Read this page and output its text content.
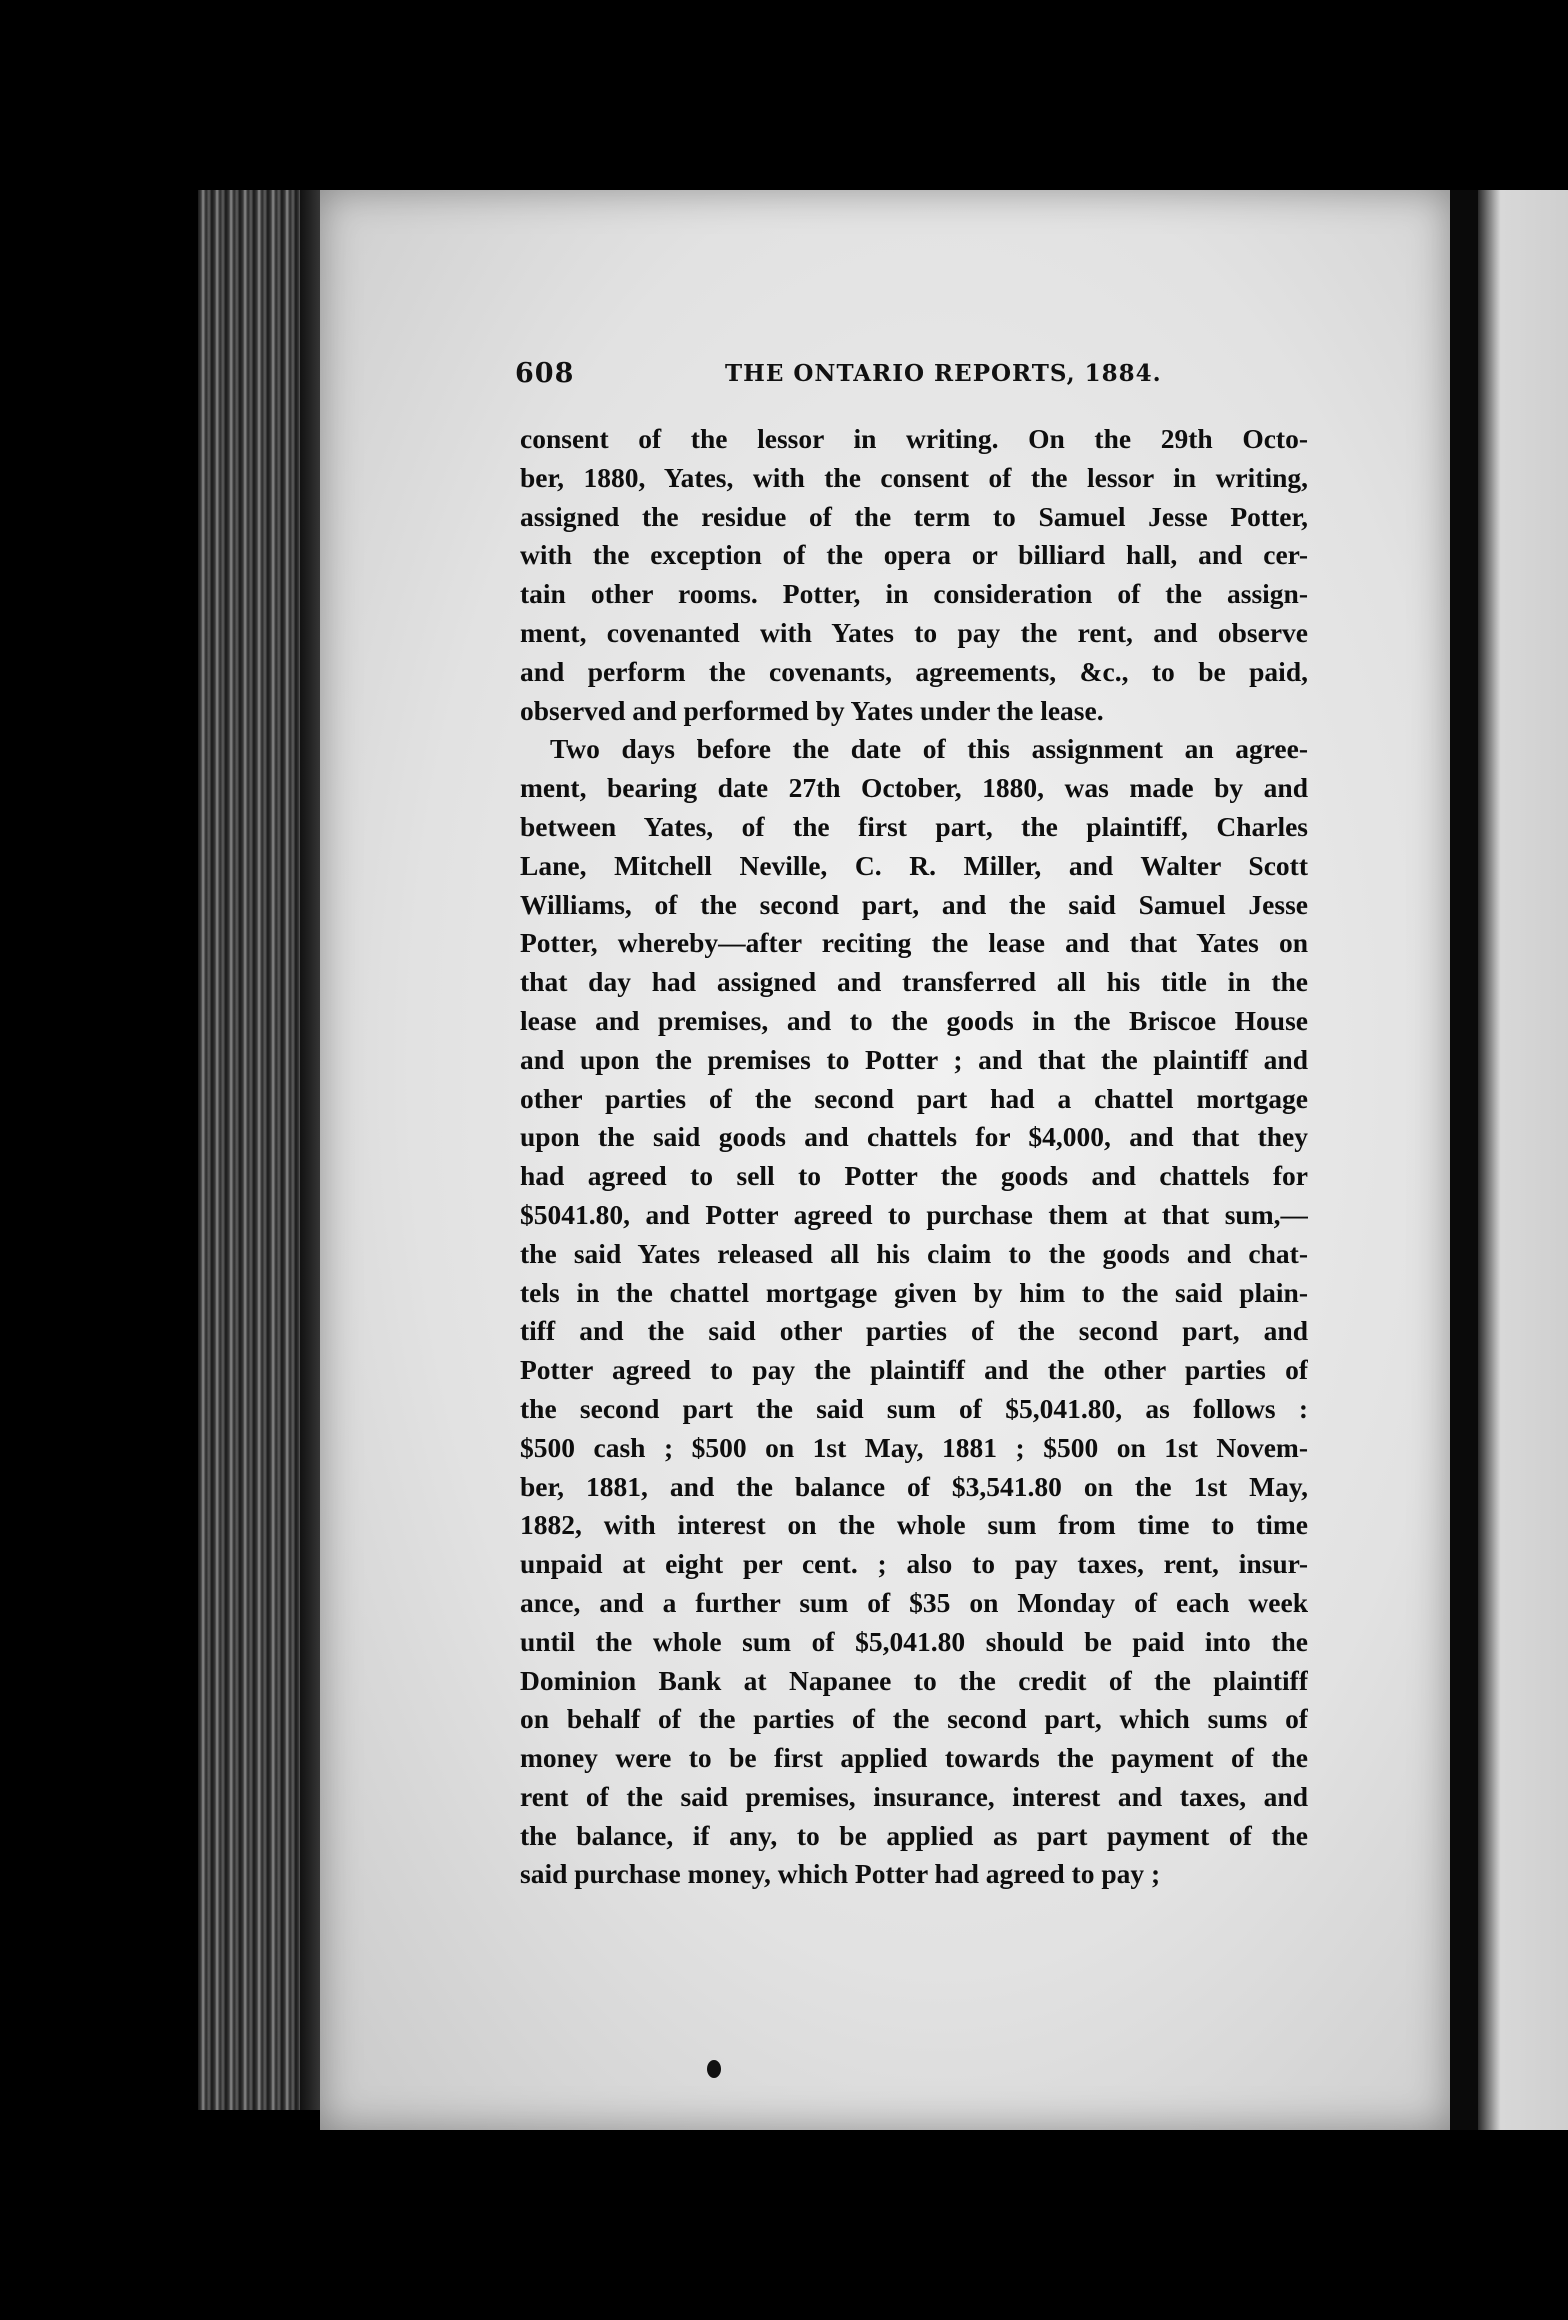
608	THE ONTARIO REPORTS, 1884.
consent of the lessor in writing. On the 29th Octo-
ber, 1880, Yates, with the consent of the lessor in writing,
assigned the residue of the term to Samuel Jesse Potter,
with the exception of the opera or billiard hall, and cer-
tain other rooms. Potter, in consideration of the assign-
ment, covenanted with Yates to pay the rent, and observe
and perform the covenants, agreements, &c., to be paid,
observed and performed by Yates under the lease.
Two days before the date of this assignment an agree-
ment, bearing date 27th October, 1880, was made by and
between Yates, of the first part, the plaintiff, Charles
Lane, Mitchell Neville, C. R. Miller, and Walter Scott
Williams, of the second part, and the said Samuel Jesse
Potter, whereby—after reciting the lease and that Yates on
that day had assigned and transferred all his title in the
lease and premises, and to the goods in the Briscoe House
and upon the premises to Potter ; and that the plaintiff and
other parties of the second part had a chattel mortgage
upon the said goods and chattels for $4,000, and that they
had agreed to sell to Potter the goods and chattels for
$5041.80, and Potter agreed to purchase them at that sum,—
the said Yates released all his claim to the goods and chat-
tels in the chattel mortgage given by him to the said plain-
tiff and the said other parties of the second part, and
Potter agreed to pay the plaintiff and the other parties of
the second part the said sum of $5,041.80, as follows :
$500 cash ; $500 on 1st May, 1881 ; $500 on 1st Novem-
ber, 1881, and the balance of $3,541.80 on the 1st May,
1882, with interest on the whole sum from time to time
unpaid at eight per cent. ; also to pay taxes, rent, insur-
ance, and a further sum of $35 on Monday of each week
until the whole sum of $5,041.80 should be paid into the
Dominion Bank at Napanee to the credit of the plaintiff
on behalf of the parties of the second part, which sums of
money were to be first applied towards the payment of the
rent of the said premises, insurance, interest and taxes, and
the balance, if any, to be applied as part payment of the
said purchase money, which Potter had agreed to pay ;
